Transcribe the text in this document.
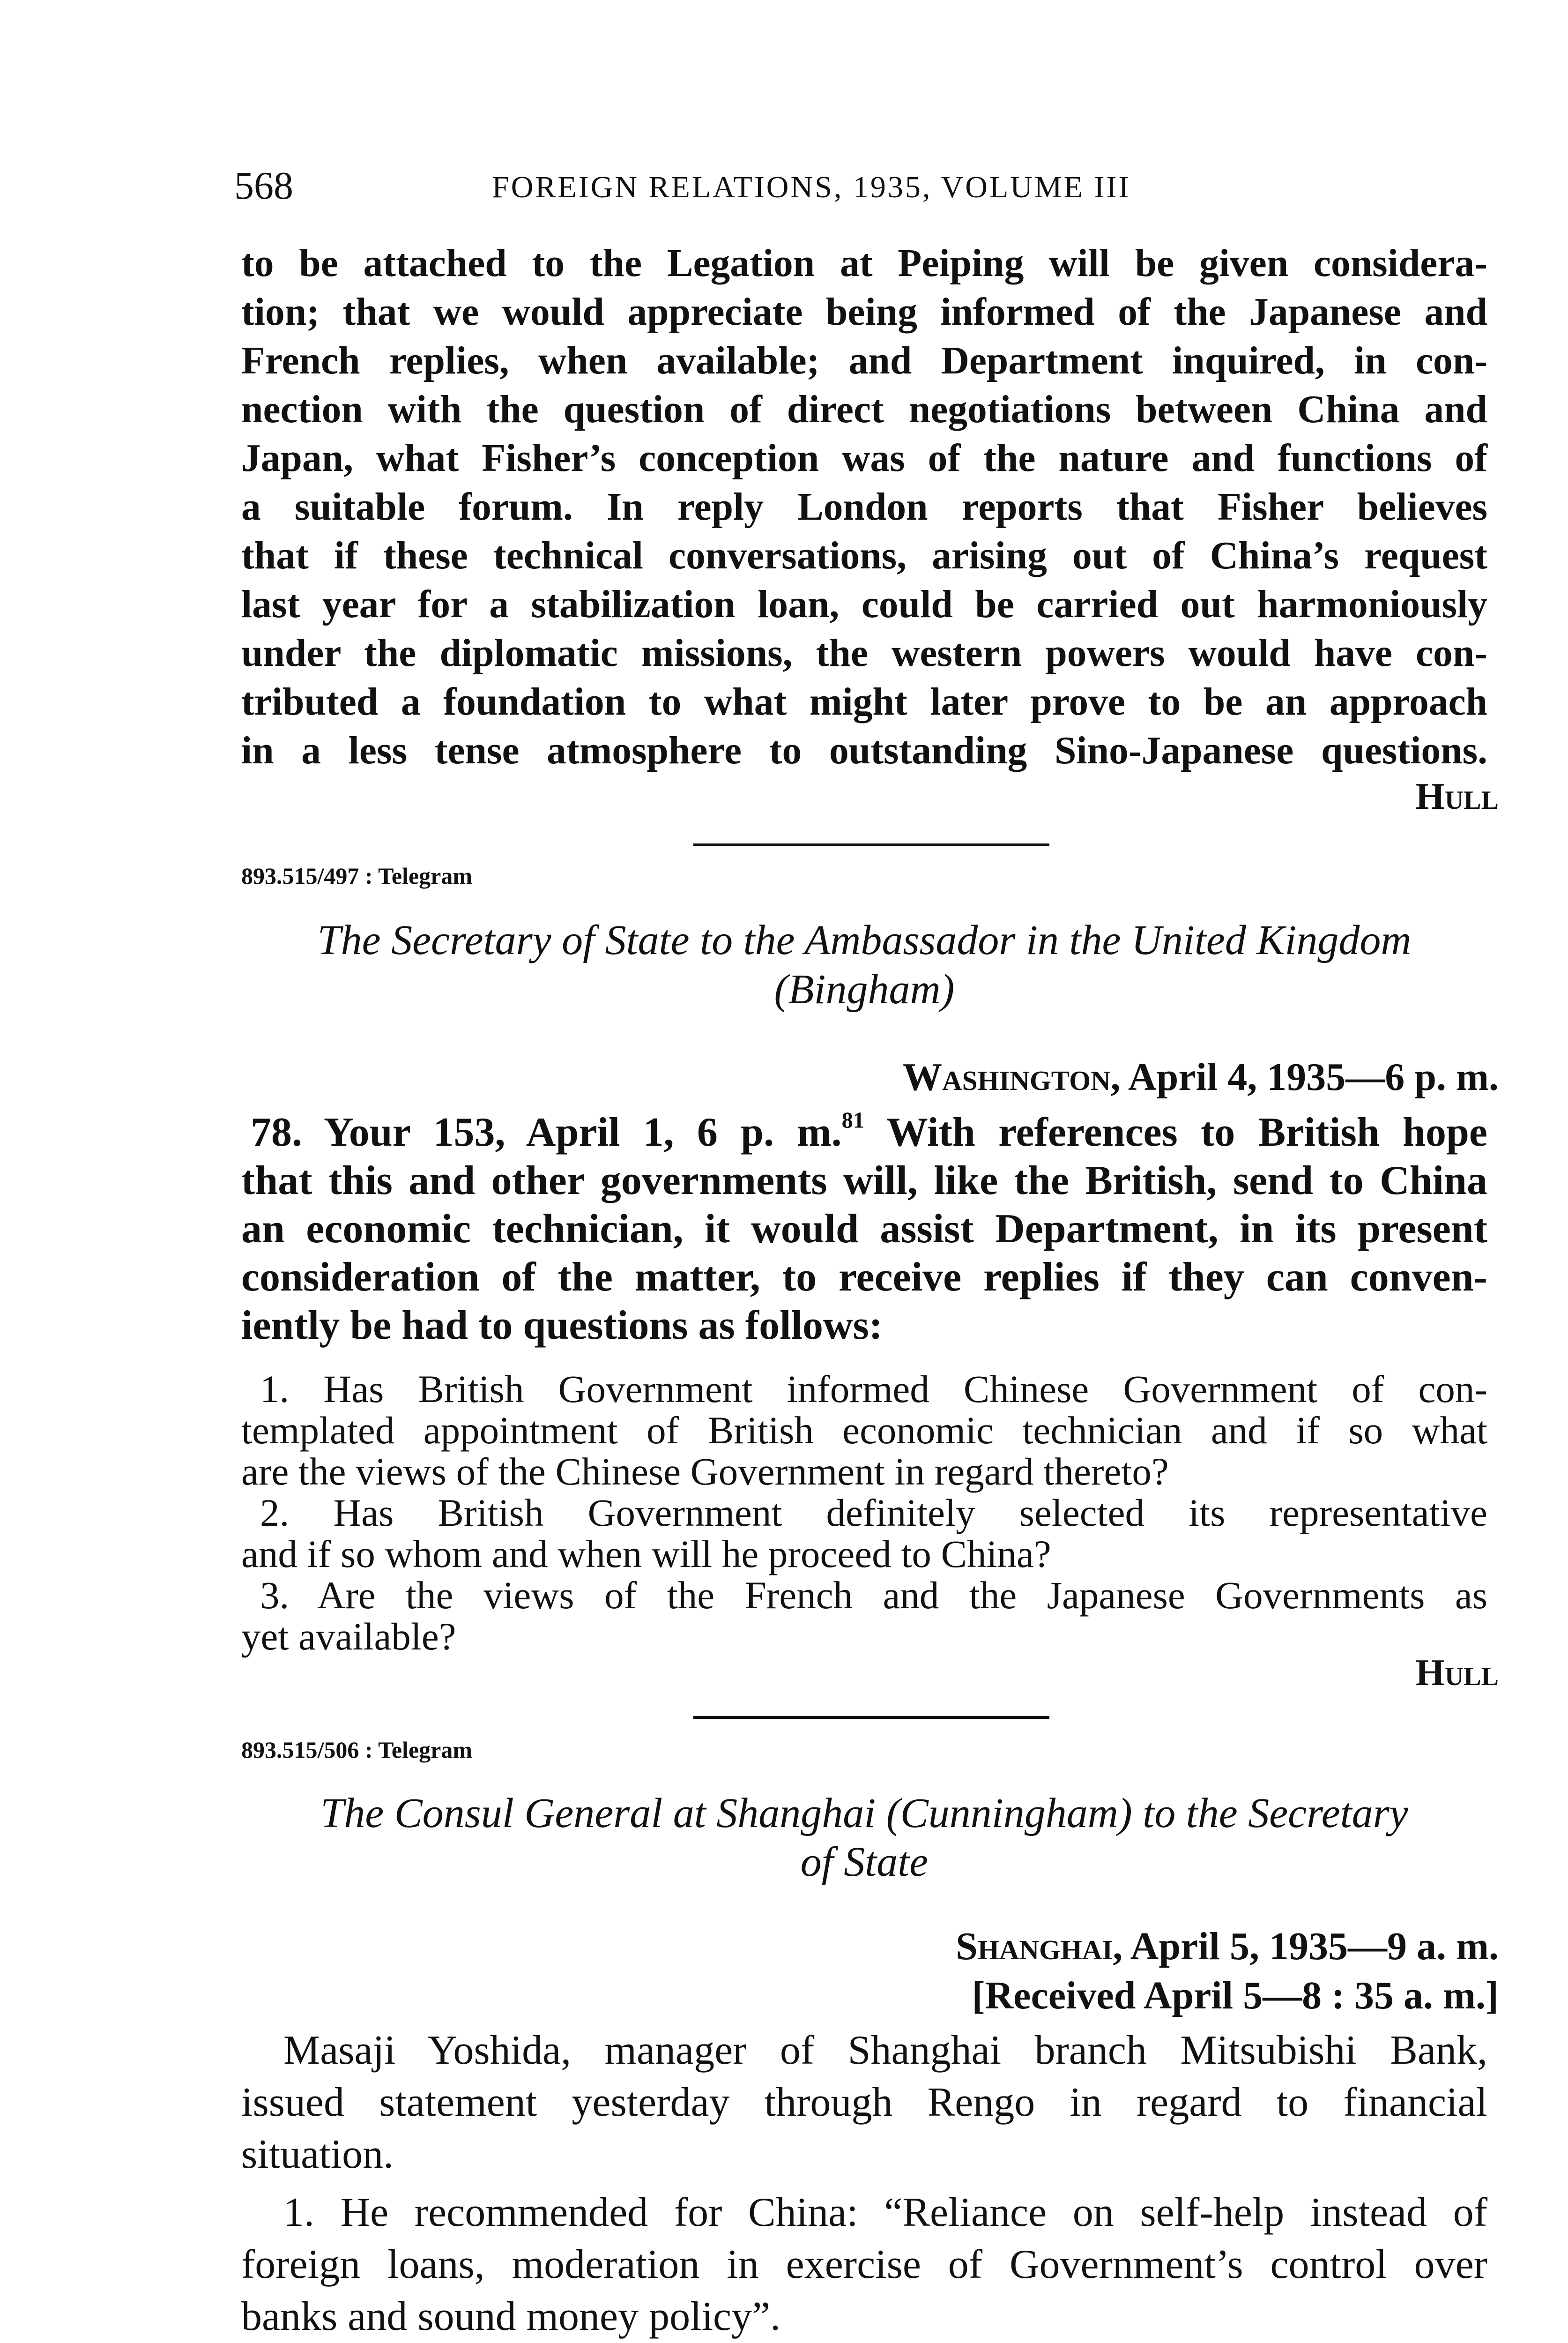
568	FOREIGN RELATIONS, 1935, VOLUME III
to be attached to the Legation at Peiping will be given considera-
tion; that we would appreciate being informed of the Japanese and
French replies, when available; and Department inquired, in con-
nection with the question of direct negotiations between China and
Japan, what Fisher’s conception was of the nature and functions of
a suitable forum. In reply London reports that Fisher believes
that if these technical conversations, arising out of China’s request
last year for a stabilization loan, could be carried out harmoniously
under the diplomatic missions, the western powers would have con-
tributed a foundation to what might later prove to be an approach
in a less tense atmosphere to outstanding Sino-Japanese questions.
Hull
893.515/497 : Telegram
The Secretary of State to the Ambassador in the United Kingdom
(Bingham)
Washington, April 4, 1935—6 p. m.
78. Your 153, April 1, 6 p. m.$^{81}$ With references to British hope
that this and other governments will, like the British, send to China
an economic technician, it would assist Department, in its present
consideration of the matter, to receive replies if they can conven-
iently be had to questions as follows:
1. Has British Government informed Chinese Government of con-
templated appointment of British economic technician and if so what
are the views of the Chinese Government in regard thereto?
2. Has British Government definitely selected its representative
and if so whom and when will he proceed to China?
3. Are the views of the French and the Japanese Governments as
yet available?
Hull
893.515/506 : Telegram
The Consul General at Shanghai (Cunningham) to the Secretary
of State
Shanghai, April 5, 1935—9 a. m.
[Received April 5—8 : 35 a. m.]
Masaji Yoshida, manager of Shanghai branch Mitsubishi Bank,
issued statement yesterday through Rengo in regard to financial
situation.
1. He recommended for China: “Reliance on self-help instead of
foreign loans, moderation in exercise of Government’s control over
banks and sound money policy”.
